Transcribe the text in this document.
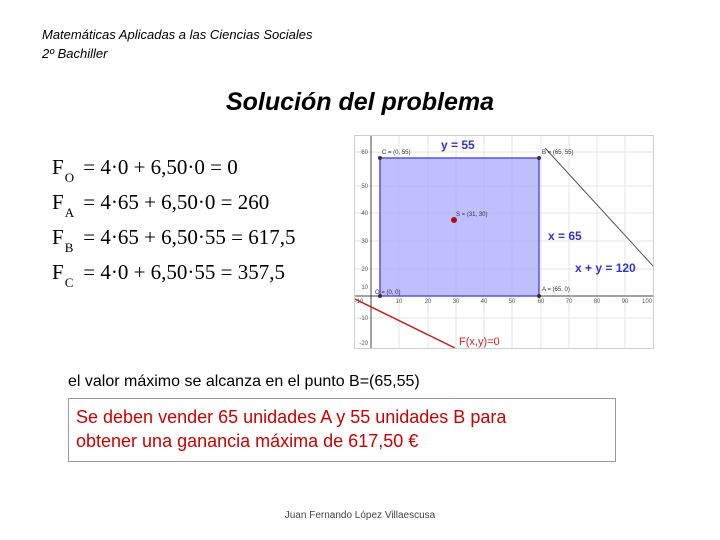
Matemáticas Aplicadas a las Ciencias Sociales
2º Bachiller
Solución del problema
$F_O = 4\cdot 0 + 6,50\cdot 0 = 0$
$F_A = 4\cdot 65 + 6,50\cdot 0 = 260$
$F_B = 4\cdot 65 + 6,50\cdot 55 = 617,5$
$F_C = 4\cdot 0 + 6,50\cdot 55 = 357,5$
C = (0, 55)	B = (65, 55)
A = (65, 0)
O = (0, 0)
S = (31, 30)
-10	10	20	30	40	50	60	70	80	90 100
60
50
40
30
20
10
-10
-20
y = 55
x = 65
x + y = 120
F(x,y)=0
el valor máximo se alcanza en el punto B=(65,55)
Se deben vender 65 unidades A y 55 unidades B para
obtener una ganancia máxima de 617,50 €
Juan Fernando López Villaescusa
